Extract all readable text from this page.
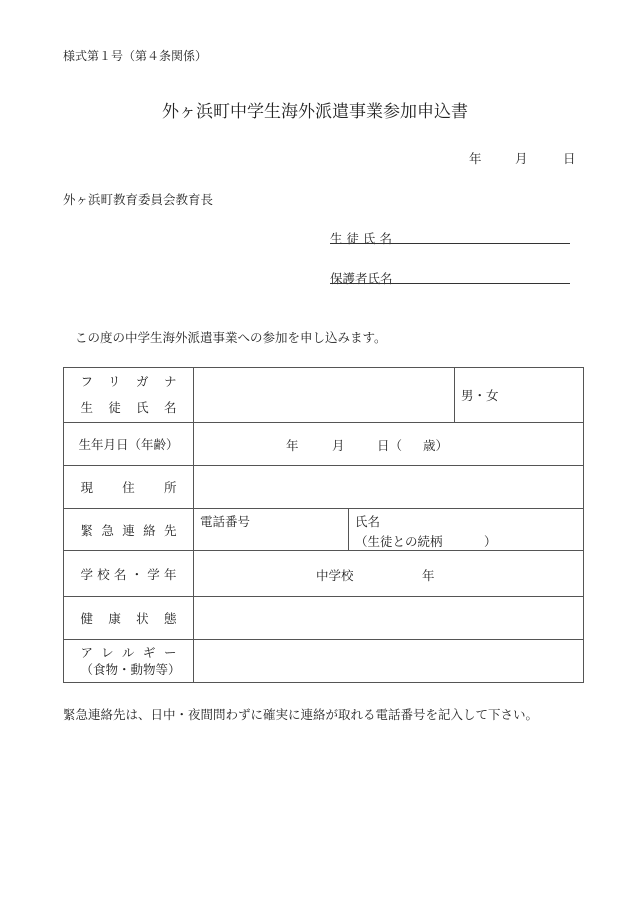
様式第１号（第４条関係）
外ヶ浜町中学生海外派遣事業参加申込書
年	月	日
外ヶ浜町教育委員会教育長
生徒氏名
保護者氏名
この度の中学生海外派遣事業への参加を申し込みます。
フリガナ
生徒氏名			男・女
生年月日（年齢）	年 月 日（ 歳）		

現住所			

緊急連絡先	電話番号	氏名
（生徒との続柄 ）	

学校名・学年	中学校 年		

健康状態			

アレルギー
（食物・動物等）			

緊急連絡先は、日中・夜間問わずに確実に連絡が取れる電話番号を記入して下さい。
